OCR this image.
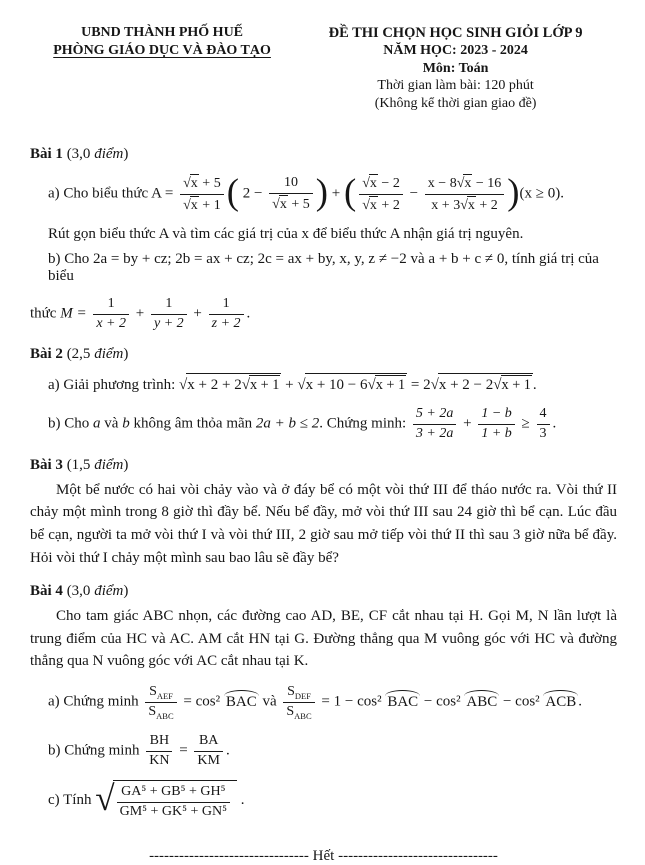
UBND THÀNH PHỐ HUẾ
PHÒNG GIÁO DỤC VÀ ĐÀO TẠO
ĐỀ THI CHỌN HỌC SINH GIỎI LỚP 9
NĂM HỌC: 2023 - 2024
Môn: Toán
Thời gian làm bài: 120 phút
(Không kể thời gian giao đề)
Bài 1 (3,0 điểm)
a) Cho biểu thức $A = \frac{√x + 5}{√x + 1}$ ( $2 - \frac{10}{√x + 5}$ ) + ( $\frac{√x - 2}{√x + 2} - \frac{x - 8√x - 16}{x + 3√x + 2} )(x \ge 0)$.
Rút gọn biểu thức A và tìm các giá trị của x để biểu thức A nhận giá trị nguyên.
b) Cho 2a = by + cz; 2b = ax + cz; 2c = ax + by, x, y, z ≠ −2 và a + b + c ≠ 0, tính giá trị của biểu
thức $M = \frac{1}{x + 2} + \frac{1}{y + 2} + \frac{1}{z + 2}$ .
Bài 2 (2,5 điểm)
a) Giải phương trình: √x + 2 + 2√x + 1 + √x + 10 − 6√x + 1 = 2√x + 2 − 2√x + 1 .
b) Cho a và b không âm thỏa mãn 2a + b ≤ 2. Chứng minh: $\frac{5 + 2a}{3 + 2a} + \frac{1 - b}{1 + b} \ge \frac{4}{3}$ .
Bài 3 (1,5 điểm)
Một bể nước có hai vòi chảy vào và ở đáy bể có một vòi thứ III để tháo nước ra. Vòi thứ II chảy một mình trong 8 giờ thì đầy bể. Nếu bể đầy, mở vòi thứ III sau 24 giờ thì bể cạn. Lúc đầu bể cạn, người ta mở vòi thứ I và vòi thứ III, 2 giờ sau mở tiếp vòi thứ II thì sau 3 giờ nữa bể đầy. Hỏi vòi thứ I chảy một mình sau bao lâu sẽ đầy bể?
Bài 4 (3,0 điểm)
Cho tam giác ABC nhọn, các đường cao AD, BE, CF cắt nhau tại H. Gọi M, N lần lượt là trung điểm của HC và AC. AM cắt HN tại G. Đường thẳng qua M vuông góc với HC và đường thẳng qua N vuông góc với AC cắt nhau tại K.
a) Chứng minh
$S_{AEF}$
$S_{ABC}$
= cos² BAC và
$S_{DEF}$
$S_{ABC}$
= 1 − cos² BAC − cos² ABC − cos² ACB .
b) Chứng minh $\frac{BH}{KN} = \frac{BA}{KM}$ .
c) Tính √ $\frac{\text{GA⁵ + GB⁵ + GH⁵}}{\text{GM⁵ + GK⁵ + GN⁵}}$ .
-------------------------------- Hết --------------------------------
